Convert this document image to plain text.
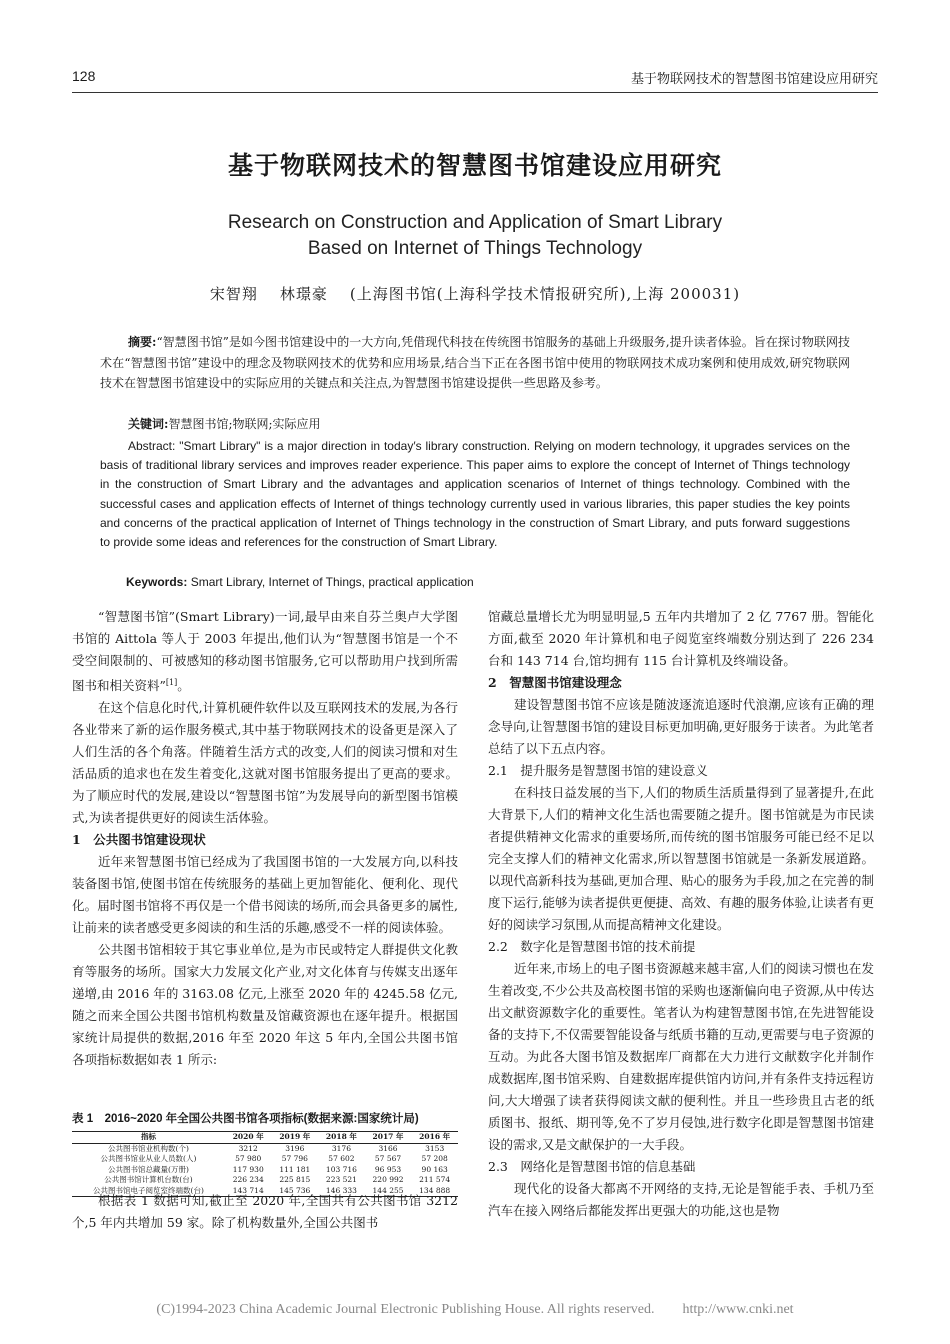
128	基于物联网技术的智慧图书馆建设应用研究
基于物联网技术的智慧图书馆建设应用研究
Research on Construction and Application of Smart Library
Based on Internet of Things Technology
宋智翔 林璟豪 (上海图书馆(上海科学技术情报研究所),上海 200031)
摘要:“智慧图书馆”是如今图书馆建设中的一大方向,凭借现代科技在传统图书馆服务的基础上升级服务,提升读者体验。旨在探讨物联网技术在“智慧图书馆”建设中的理念及物联网技术的优势和应用场景,结合当下正在各图书馆中使用的物联网技术成功案例和使用成效,研究物联网技术在智慧图书馆建设中的实际应用的关键点和关注点,为智慧图书馆建设提供一些思路及参考。
关键词:智慧图书馆;物联网;实际应用
Abstract: "Smart Library" is a major direction in today′s library construction. Relying on modern technology, it upgrades services on the basis of traditional library services and improves reader experience. This paper aims to explore the concept of Internet of Things technology in the construction of Smart Library and the advantages and application scenarios of Internet of things technology. Combined with the successful cases and application effects of Internet of things technology currently used in various libraries, this paper studies the key points and concerns of the practical application of Internet of Things technology in the construction of Smart Library, and puts forward suggestions to provide some ideas and references for the construction of Smart Library.
Keywords: Smart Library, Internet of Things, practical application

“智慧图书馆”(Smart Library)一词,最早由来自芬兰奥卢大学图书馆的 Aittola 等人于 2003 年提出,他们认为“智慧图书馆是一个不受空间限制的、可被感知的移动图书馆服务,它可以帮助用户找到所需图书和相关资料”[1]。

在这个信息化时代,计算机硬件软件以及互联网技术的发展,为各行各业带来了新的运作服务模式,其中基于物联网技术的设备更是深入了人们生活的各个角落。伴随着生活方式的改变,人们的阅读习惯和对生活品质的追求也在发生着变化,这就对图书馆服务提出了更高的要求。为了顺应时代的发展,建设以“智慧图书馆”为发展导向的新型图书馆模式,为读者提供更好的阅读生活体验。

1　公共图书馆建设现状

近年来智慧图书馆已经成为了我国图书馆的一大发展方向,以科技装备图书馆,使图书馆在传统服务的基础上更加智能化、便利化、现代化。届时图书馆将不再仅是一个借书阅读的场所,而会具备更多的属性,让前来的读者感受更多阅读的和生活的乐趣,感受不一样的阅读体验。

公共图书馆相较于其它事业单位,是为市民或特定人群提供文化教育等服务的场所。国家大力发展文化产业,对文化体育与传媒支出逐年递增,由 2016 年的 3163.08 亿元,上涨至 2020 年的 4245.58 亿元,随之而来全国公共图书馆机构数量及馆藏资源也在逐年提升。根据国家统计局提供的数据,2016 年至 2020 年这 5 年内,全国公共图书馆各项指标数据如表 1 所示:

表 1　2016~2020 年全国公共图书馆各项指标(数据来源:国家统计局)
指标	2020 年	2019 年	2018 年	2017 年	2016 年
公共图书馆业机构数(个)	3212	3196	3176	3166	3153
公共图书馆业从业人员数(人)	57 980	57 796	57 602	57 567	57 208
公共图书馆总藏量(万册)	117 930	111 181	103 716	96 953	90 163
公共图书馆计算机台数(台)	226 234	225 815	223 521	220 992	211 574
公共图书馆电子阅览室终端数(台)	143 714	145 736	146 333	144 255	134 888

根据表 1 数据可知,截止至 2020 年,全国共有公共图书馆 3212 个,5 年内共增加 59 家。除了机构数量外,全国公共图书

馆藏总量增长尤为明显明显,5 五年内共增加了 2 亿 7767 册。智能化方面,截至 2020 年计算机和电子阅览室终端数分别达到了 226 234 台和 143 714 台,馆均拥有 115 台计算机及终端设备。

2　智慧图书馆建设理念

建设智慧图书馆不应该是随波逐流追逐时代浪潮,应该有正确的理念导向,让智慧图书馆的建设目标更加明确,更好服务于读者。为此笔者总结了以下五点内容。

2.1　提升服务是智慧图书馆的建设意义

在科技日益发展的当下,人们的物质生活质量得到了显著提升,在此大背景下,人们的精神文化生活也需要随之提升。图书馆就是为市民读者提供精神文化需求的重要场所,而传统的图书馆服务可能已经不足以完全支撑人们的精神文化需求,所以智慧图书馆就是一条新发展道路。以现代高新科技为基础,更加合理、贴心的服务为手段,加之在完善的制度下运行,能够为读者提供更便捷、高效、有趣的服务体验,让读者有更好的阅读学习氛围,从而提高精神文化建设。

2.2　数字化是智慧图书馆的技术前提

近年来,市场上的电子图书资源越来越丰富,人们的阅读习惯也在发生着改变,不少公共及高校图书馆的采购也逐渐偏向电子资源,从中传达出文献资源数字化的重要性。笔者认为构建智慧图书馆,在先进智能设备的支持下,不仅需要智能设备与纸质书籍的互动,更需要与电子资源的互动。为此各大图书馆及数据库厂商都在大力进行文献数字化并制作成数据库,图书馆采购、自建数据库提供馆内访问,并有条件支持远程访问,大大增强了读者获得阅读文献的便利性。并且一些珍贵且古老的纸质图书、报纸、期刊等,免不了岁月侵蚀,进行数字化即是智慧图书馆建设的需求,又是文献保护的一大手段。

2.3　网络化是智慧图书馆的信息基础

现代化的设备大都离不开网络的支持,无论是智能手表、手机乃至汽车在接入网络后都能发挥出更强大的功能,这也是物

(C)1994-2023 China Academic Journal Electronic Publishing House. All rights reserved.　　http://www.cnki.net
